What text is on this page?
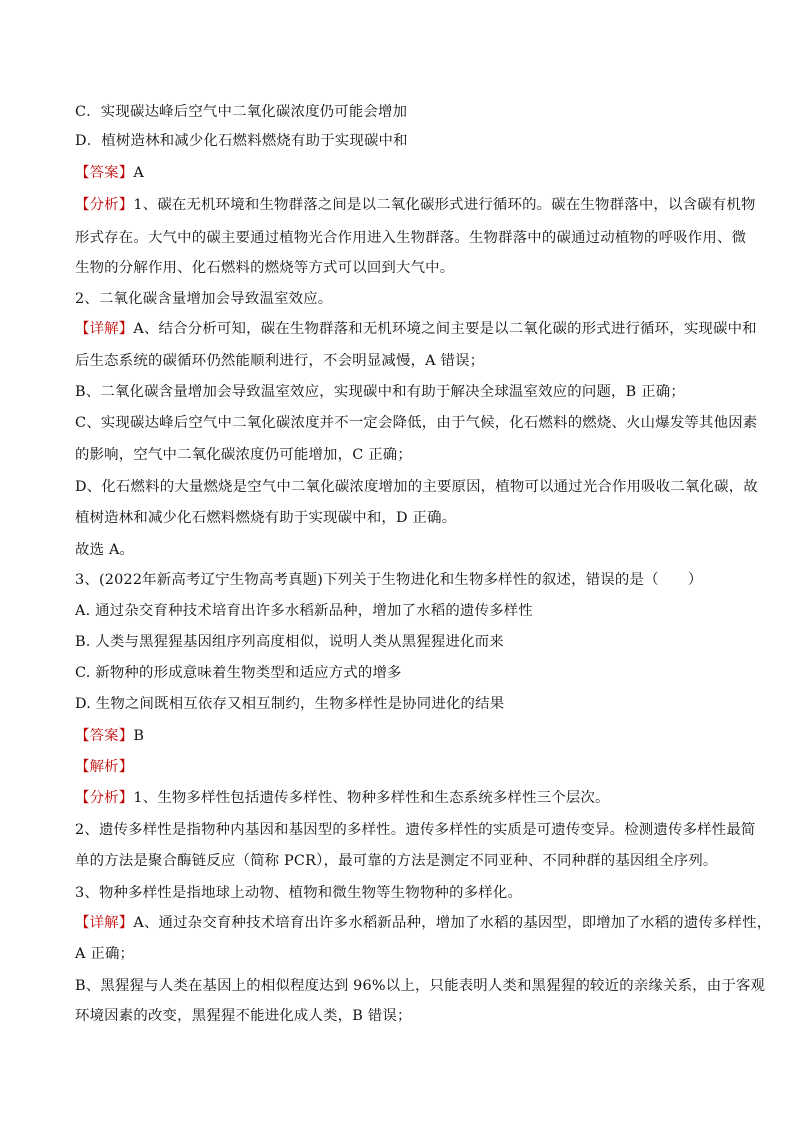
C．实现碳达峰后空气中二氧化碳浓度仍可能会增加
D．植树造林和减少化石燃料燃烧有助于实现碳中和
【答案】A
【分析】1、碳在无机环境和生物群落之间是以二氧化碳形式进行循环的。碳在生物群落中，以含碳有机物
形式存在。大气中的碳主要通过植物光合作用进入生物群落。生物群落中的碳通过动植物的呼吸作用、微
生物的分解作用、化石燃料的燃烧等方式可以回到大气中。
2、二氧化碳含量增加会导致温室效应。
【详解】A、结合分析可知，碳在生物群落和无机环境之间主要是以二氧化碳的形式进行循环，实现碳中和
后生态系统的碳循环仍然能顺利进行，不会明显减慢，A 错误；
B、二氧化碳含量增加会导致温室效应，实现碳中和有助于解决全球温室效应的问题，B 正确；
C、实现碳达峰后空气中二氧化碳浓度并不一定会降低，由于气候，化石燃料的燃烧、火山爆发等其他因素
的影响，空气中二氧化碳浓度仍可能增加，C 正确；
D、化石燃料的大量燃烧是空气中二氧化碳浓度增加的主要原因，植物可以通过光合作用吸收二氧化碳，故
植树造林和减少化石燃料燃烧有助于实现碳中和，D 正确。
故选 A。
3、(2022年新高考辽宁生物高考真题)下列关于生物进化和生物多样性的叙述，错误的是（　　）
A. 通过杂交育种技术培育出许多水稻新品种，增加了水稻的遗传多样性
B. 人类与黑猩猩基因组序列高度相似，说明人类从黑猩猩进化而来
C. 新物种的形成意味着生物类型和适应方式的增多
D. 生物之间既相互依存又相互制约，生物多样性是协同进化的结果
【答案】B
【解析】
【分析】1、生物多样性包括遗传多样性、物种多样性和生态系统多样性三个层次。
2、遗传多样性是指物种内基因和基因型的多样性。遗传多样性的实质是可遗传变异。检测遗传多样性最简
单的方法是聚合酶链反应（简称 PCR），最可靠的方法是测定不同亚种、不同种群的基因组全序列。
3、物种多样性是指地球上动物、植物和微生物等生物物种的多样化。
【详解】A、通过杂交育种技术培育出许多水稻新品种，增加了水稻的基因型，即增加了水稻的遗传多样性，
A 正确；
B、黑猩猩与人类在基因上的相似程度达到 96%以上，只能表明人类和黑猩猩的较近的亲缘关系，由于客观
环境因素的改变，黑猩猩不能进化成人类，B 错误；
